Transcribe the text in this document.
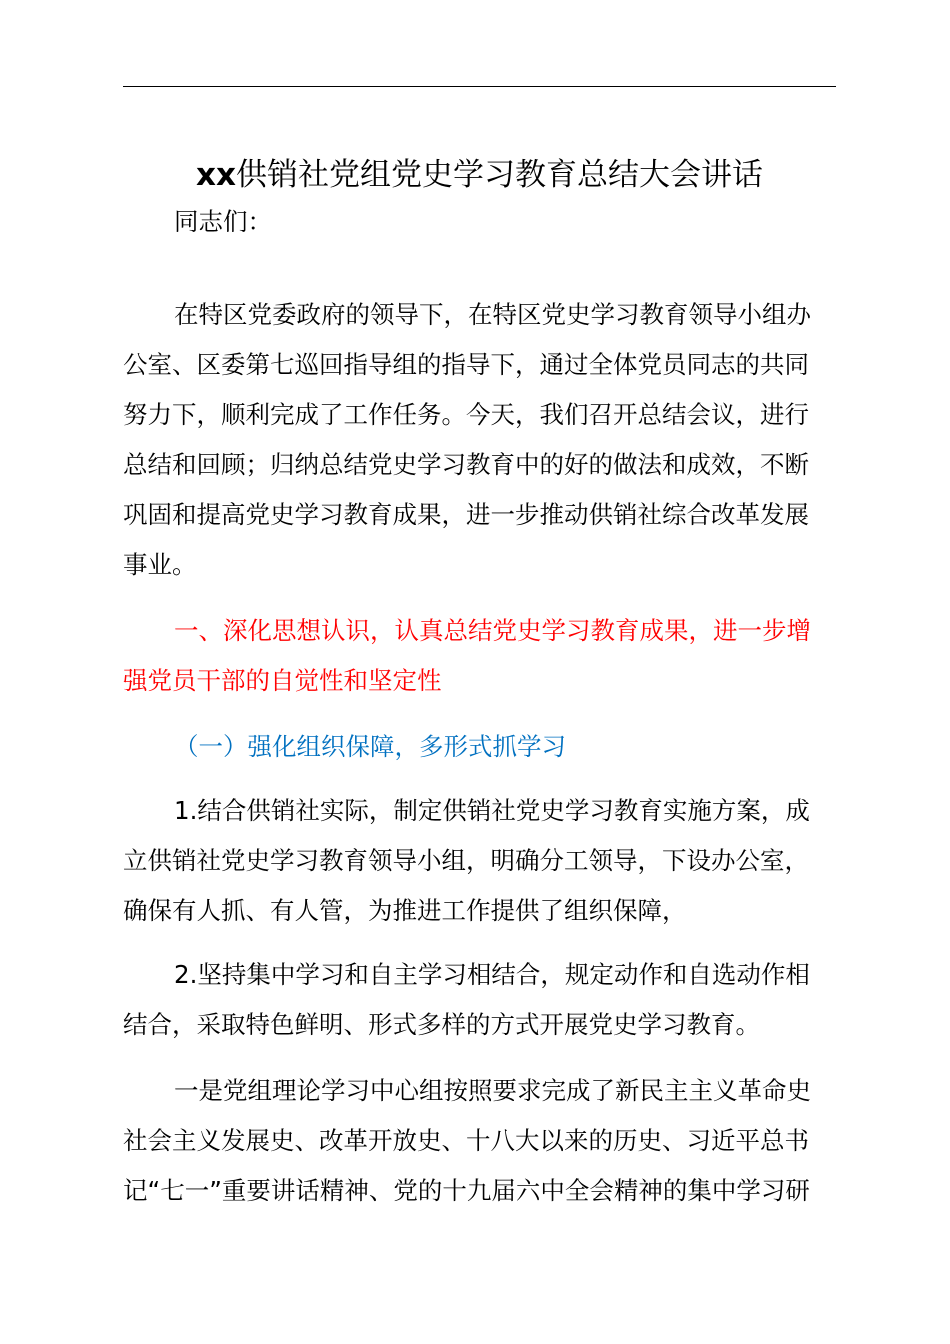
xx供销社党组党史学习教育总结大会讲话

同志们：

在特区党委政府的领导下，在特区党史学习教育领导小组办

公室、区委第七巡回指导组的指导下，通过全体党员同志的共同

努力下，顺利完成了工作任务。今天，我们召开总结会议，进行

总结和回顾；归纳总结党史学习教育中的好的做法和成效，不断

巩固和提高党史学习教育成果，进一步推动供销社综合改革发展

事业。

一、深化思想认识，认真总结党史学习教育成果，进一步增

强党员干部的自觉性和坚定性

（一）强化组织保障，多形式抓学习

1.结合供销社实际，制定供销社党史学习教育实施方案，成

立供销社党史学习教育领导小组，明确分工领导，下设办公室，

确保有人抓、有人管，为推进工作提供了组织保障，

2.坚持集中学习和自主学习相结合，规定动作和自选动作相

结合，采取特色鲜明、形式多样的方式开展党史学习教育。

一是党组理论学习中心组按照要求完成了新民主主义革命史

社会主义发展史、改革开放史、十八大以来的历史、习近平总书

记“七一”重要讲话精神、党的十九届六中全会精神的集中学习研
